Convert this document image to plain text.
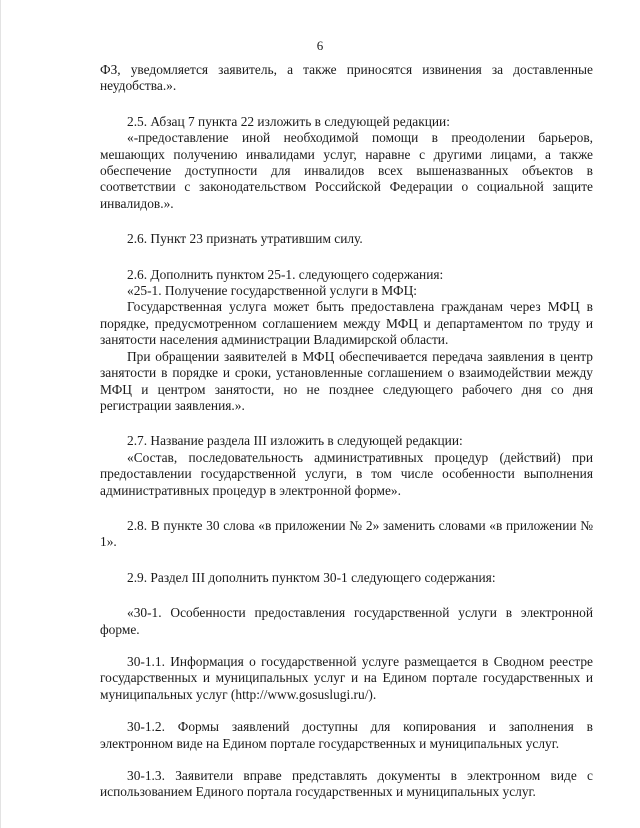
6

ФЗ, уведомляется заявитель, а также приносятся извинения за доставленные неудобства.».

2.5. Абзац 7 пункта 22 изложить в следующей редакции:

«-предоставление иной необходимой помощи в преодолении барьеров, мешающих получению инвалидами услуг, наравне с другими лицами, а также обеспечение доступности для инвалидов всех вышеназванных объектов в соответствии с законодательством Российской Федерации о социальной защите инвалидов.».

2.6. Пункт 23 признать утратившим силу.

2.6. Дополнить пунктом 25-1. следующего содержания:

«25-1. Получение государственной услуги в МФЦ:

Государственная услуга может быть предоставлена гражданам через МФЦ в порядке, предусмотренном соглашением между МФЦ и департаментом по труду и занятости населения администрации Владимирской области.

При обращении заявителей в МФЦ обеспечивается передача заявления в центр занятости в порядке и сроки, установленные соглашением о взаимодействии между МФЦ и центром занятости, но не позднее следующего рабочего дня со дня регистрации заявления.».

2.7. Название раздела III изложить в следующей редакции:

«Состав, последовательность административных процедур (действий) при предоставлении государственной услуги, в том числе особенности выполнения административных процедур в электронной форме».

2.8. В пункте 30 слова «в приложении № 2» заменить словами «в приложении № 1».

2.9. Раздел III дополнить пунктом 30-1 следующего содержания:

«30-1. Особенности предоставления государственной услуги в электронной форме.

30-1.1. Информация о государственной услуге размещается в Сводном реестре государственных и муниципальных услуг и на Едином портале государственных и муниципальных услуг (http://www.gosuslugi.ru/).

30-1.2. Формы заявлений доступны для копирования и заполнения в электронном виде на Едином портале государственных и муниципальных услуг.

30-1.3. Заявители вправе представлять документы в электронном виде с использованием Единого портала государственных и муниципальных услуг.
